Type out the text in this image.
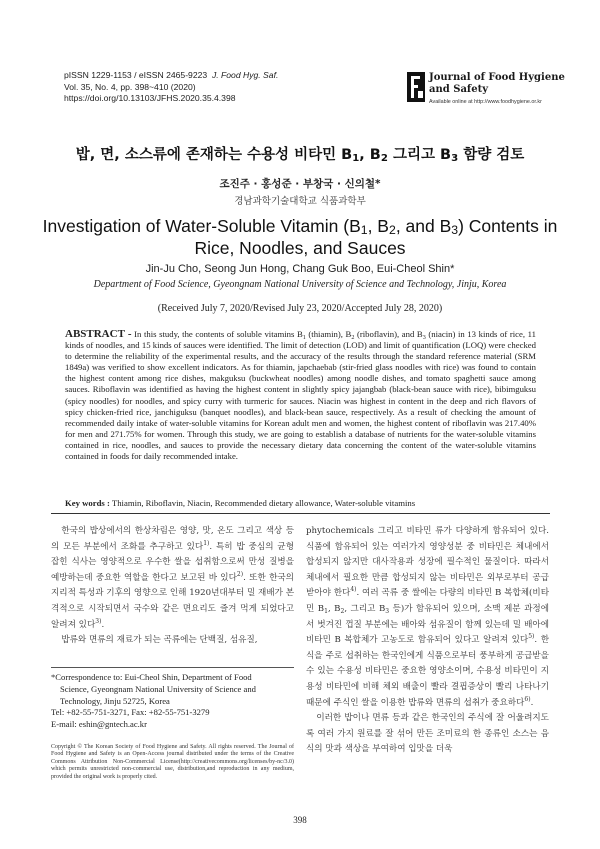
pISSN 1229-1153 / eISSN 2465-9223 J. Food Hyg. Saf.
Vol. 35, No. 4, pp. 398~410 (2020)
https://doi.org/10.13103/JFHS.2020.35.4.398
Journal of Food Hygiene
and Safety
Available online at http://www.foodhygiene.or.kr
밥, 면, 소스류에 존재하는 수용성 비타민 $B_1$, $B_2$ 그리고 $B_3$ 함량 검토
조진주 · 홍성준 · 부창국 · 신의철*
경남과학기술대학교 식품과학부
Investigation of Water-Soluble Vitamin ($B_1$, $B_2$, and $B_3$) Contents in Rice, Noodles, and Sauces
Jin-Ju Cho, Seong Jun Hong, Chang Guk Boo, Eui-Cheol Shin*
Department of Food Science, Gyeongnam National University of Science and Technology, Jinju, Korea
(Received July 7, 2020/Revised July 23, 2020/Accepted July 28, 2020)
ABSTRACT - In this study, the contents of soluble vitamins $B_1$ (thiamin), $B_2$ (riboflavin), and $B_3$ (niacin) in 13 kinds of rice, 11 kinds of noodles, and 15 kinds of sauces were identified. The limit of detection (LOD) and limit of quantification (LOQ) were checked to determine the reliability of the experimental results, and the accuracy of the results through the standard reference material (SRM 1849a) was verified to show excellent indicators. As for thiamin, japchaebab (stir-fried glass noodles with rice) was found to contain the highest content among rice dishes, makguksu (buckwheat noodles) among noodle dishes, and tomato spaghetti sauce among sauces. Riboflavin was identified as having the highest content in slightly spicy jajangbab (black-bean sauce with rice), bibimguksu (spicy noodles) for noodles, and spicy curry with turmeric for sauces. Niacin was highest in content in the deep and rich flavors of spicy chicken-fried rice, janchiguksu (banquet noodles), and black-bean sauce, respectively. As a result of checking the amount of recommended daily intake of water-soluble vitamins for Korean adult men and women, the highest content of riboflavin was 217.40% for men and 271.75% for women. Through this study, we are going to establish a database of nutrients for the water-soluble vitamins contained in rice, noodles, and sauces to provide the necessary dietary data concerning the content of the water-soluble vitamins contained in foods for daily recommended intake.
Key words : Thiamin, Riboflavin, Niacin, Recommended dietary allowance, Water-soluble vitamins

한국의 밥상에서의 한상차림은 영양, 맛, 온도 그리고 색상 등의 모든 부분에서 조화를 추구하고 있다$^{1)}$. 특히 밥 중심의 균형 잡힌 식사는 영양적으로 우수한 쌀을 섭취함으로써 만성 질병을 예방하는데 중요한 역할을 한다고 보고된 바 있다$^{2)}$. 또한 한국의 지리적 특성과 기후의 영향으로 인해 1920년대부터 밀 재배가 본격적으로 시작되면서 국수와 같은 면요리도 즐겨 먹게 되었다고 알려져 있다$^{3)}$.

밥류와 면류의 재료가 되는 곡류에는 단백질, 섬유질,

*Correspondence to: Eui-Cheol Shin, Department of Food
Science, Gyeongnam National University of Science and
Technology, Jinju 52725, Korea
Tel: +82-55-751-3271, Fax: +82-55-751-3279
E-mail: eshin@gntech.ac.kr
Copyright © The Korean Society of Food Hygiene and Safety. All rights reserved. The Journal of Food Hygiene and Safety is an Open-Access journal distributed under the terms of the Creative Commons Attribution Non-Commercial License(http://creativecommons.org/licenses/by-nc/3.0) which permits unrestricted non-commercial use, distribution,and reproduction in any medium, provided the original work is properly cited.

phytochemicals 그리고 비타민 류가 다양하게 함유되어 있다. 식품에 함유되어 있는 여러가지 영양성분 중 비타민은 체내에서 합성되지 않지만 대사작용과 성장에 필수적인 물질이다. 따라서 체내에서 필요한 만큼 합성되지 않는 비타민은 외부로부터 공급 받아야 한다$^{4)}$. 여러 곡류 중 쌀에는 다량의 비타민 B 복합체(비타민 $B_1$, $B_2$, 그리고 $B_3$ 등)가 함유되어 있으며, 소맥 제분 과정에서 벗겨진 껍질 부분에는 배아와 섬유질이 함께 있는데 밀 배아에 비타민 B 복합체가 고농도로 함유되어 있다고 알려져 있다$^{5)}$. 한식을 주로 섭취하는 한국인에게 식품으로부터 풍부하게 공급받을 수 있는 수용성 비타민은 중요한 영양소이며, 수용성 비타민이 지용성 비타민에 비해 체외 배출이 빨라 결핍증상이 빨리 나타나기 때문에 주식인 쌀을 이용한 밥류와 면류의 섭취가 중요하다$^{6)}$.

이러한 밥이나 면류 등과 같은 한국인의 주식에 잘 어울려지도록 여러 가지 원료를 잘 섞어 만든 조미료의 한 종류인 소스는 음식의 맛과 색상을 부여하여 입맛을 더욱

398
